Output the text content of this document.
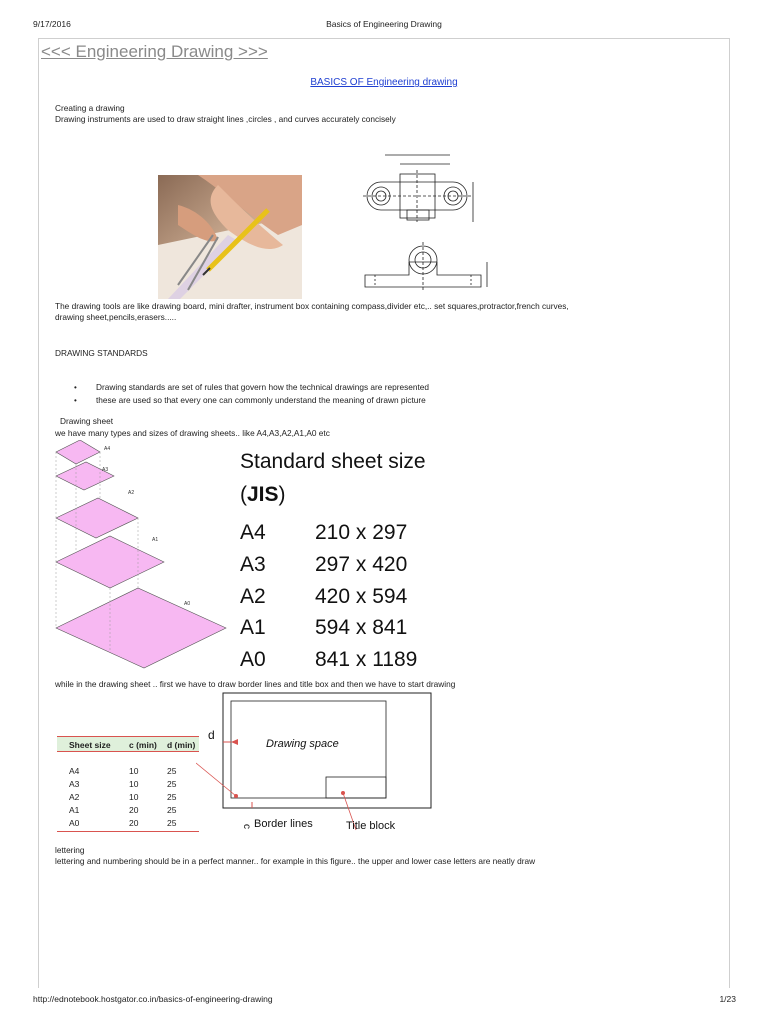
9/17/2016	Basics of Engineering Drawing
<<< Engineering Drawing >>>
BASICS OF Engineering drawing
Creating a drawing
Drawing instruments are used to draw straight lines ,circles , and curves accurately concisely
The drawing tools are like drawing board, mini drafter, instrument box containing compass,divider etc,.. set squares,protractor,french curves,
drawing sheet,pencils,erasers.....
DRAWING STANDARDS
• Drawing standards are set of rules that govern how the technical drawings are represented
• these are used so that every one can commonly understand the meaning of drawn picture
Drawing sheet
we have many types and sizes of drawing sheets.. like A4,A3,A2,A1,A0 etc
A4
A3
A2
A1
A0
Standard sheet size
(JIS)
A4 210 x 297
A3 297 x 420
A2 420 x 594
A1 594 x 841
A0 841 x 1189
while in the drawing sheet .. first we have to draw border lines and title box and then we have to start drawing
Sheet size c (min) d (min)
A4	10	25
A3	10	25
A2	10	25
A1	20	25
A0	20	25
d
Drawing space
c Border lines	Title block
lettering
lettering and numbering should be in a perfect manner.. for example in this figure.. the upper and lower case letters are neatly draw
http://ednotebook.hostgator.co.in/basics-of-engineering-drawing	1/23
